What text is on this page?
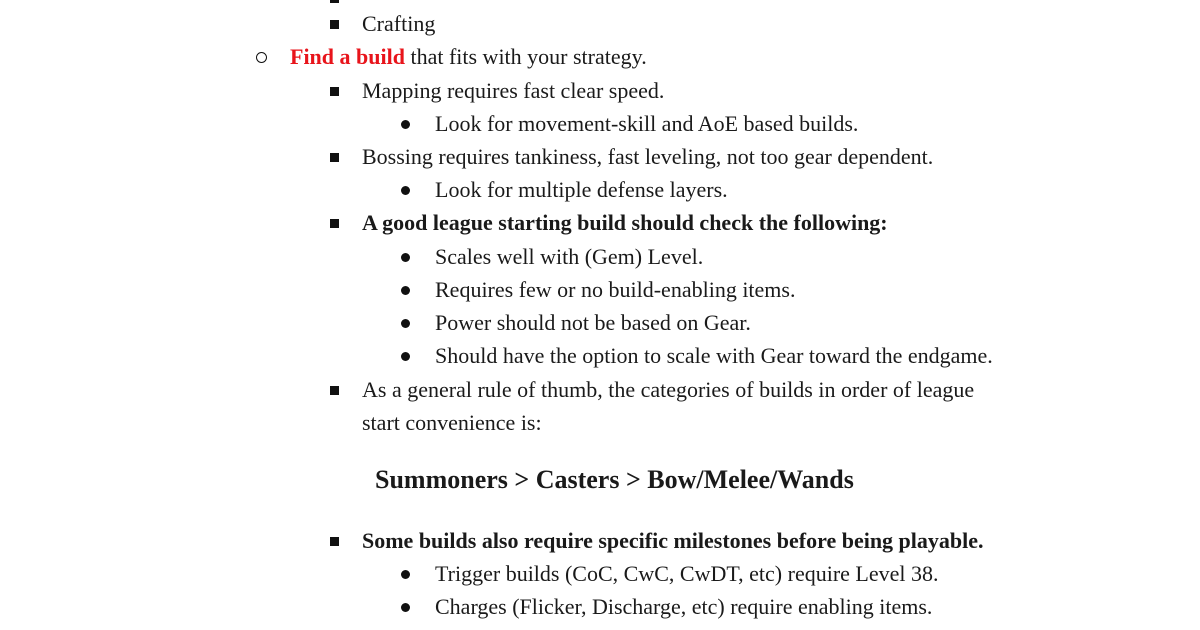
Crafting
Find a build that fits with your strategy.
Mapping requires fast clear speed.
Look for movement-skill and AoE based builds.
Bossing requires tankiness, fast leveling, not too gear dependent.
Look for multiple defense layers.
A good league starting build should check the following:
Scales well with (Gem) Level.
Requires few or no build-enabling items.
Power should not be based on Gear.
Should have the option to scale with Gear toward the endgame.
As a general rule of thumb, the categories of builds in order of league
start convenience is:
Summoners > Casters > Bow/Melee/Wands
Some builds also require specific milestones before being playable.
Trigger builds (CoC, CwC, CwDT, etc) require Level 38.
Charges (Flicker, Discharge, etc) require enabling items.
